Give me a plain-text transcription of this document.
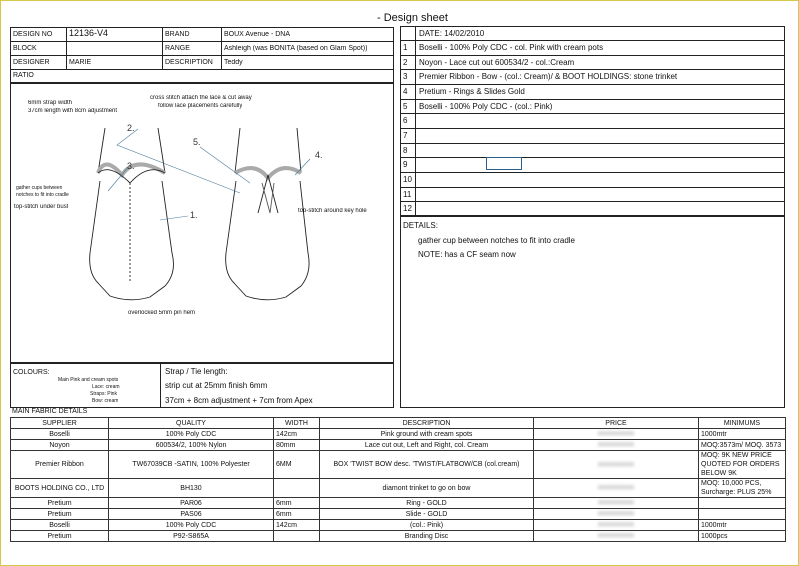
- Design sheet
DESIGN NO 12136-V4	BRAND	BOUX Avenue - DNA
BLOCK	RANGE	Ashleigh (was BONITA (based on Glam Spot))
DESIGNER	MARIE	DESCRIPTION Teddy
RATIO
6mm strap width
37cm length with 8cm adjustment
cross stitch attach the lace & cut away
follow lace placements carefully
gather cups between
notches to fit into cradle
top-stitch under bust
top-stitch around key hole
overlocked 5mm pin hem
2.
3.
5.
4.
1.
COLOURS:
Main Pink and cream spots
Lace: cream
Straps: Pink
Bow: cream
Strap / Tie length:
strip cut at 25mm finish 6mm
37cm + 8cm adjustment + 7cm from Apex
DATE: 14/02/2010
1 Boselli - 100% Poly CDC - col. Pink with cream pots
2 Noyon - Lace cut out 600534/2 - col.:Cream
3 Premier Ribbon - Bow - (col.: Cream)/ & BOOT HOLDINGS: stone trinket
4 Pretium - Rings & Slides Gold
5 Boselli - 100% Poly CDC - (col.: Pink)
6
7
8
9
10
11
12
DETAILS:
gather cup between notches to fit into cradle
NOTE: has a CF seam now
MAIN FABRIC DETAILS
SUPPLIER	QUALITY	WIDTH	DESCRIPTION	PRICE	MINIMUMS
Boselli	100% Poly CDC	142cm	Pink ground with cream spots	xxxxxxxxxxxx	1000mtr
Noyon	600534/2, 100% Nylon	80mm	Lace cut out, Left and Right, col. Cream	xxxxxxxxxxxx	MOQ:3573m/ MOQ. 3573
Premier Ribbon	TW67039CB -SATIN, 100% Polyester	6MM	BOX 'TWIST BOW desc. 'TWIST/FLATBOW/CB (col.cream)	xxxxxxxxxxxx	MOQ: 9K NEW PRICE QUOTED FOR ORDERS BELOW 9K
BOOTS HOLDING CO., LTD	BH130		diamont trinket to go on bow	xxxxxxxxxxxx	MOQ: 10,000 PCS, Surcharge: PLUS 25%
Pretium	PAR06	6mm	Ring - GOLD	xxxxxxxxxxxx	
Pretium	PAS06	6mm	Slide - GOLD	xxxxxxxxxxxx	
Boselli	100% Poly CDC	142cm	(col.: Pink)	xxxxxxxxxxxx	1000mtr
Pretium	P92-S865A		Branding Disc	xxxxxxxxxxxx	1000pcs
